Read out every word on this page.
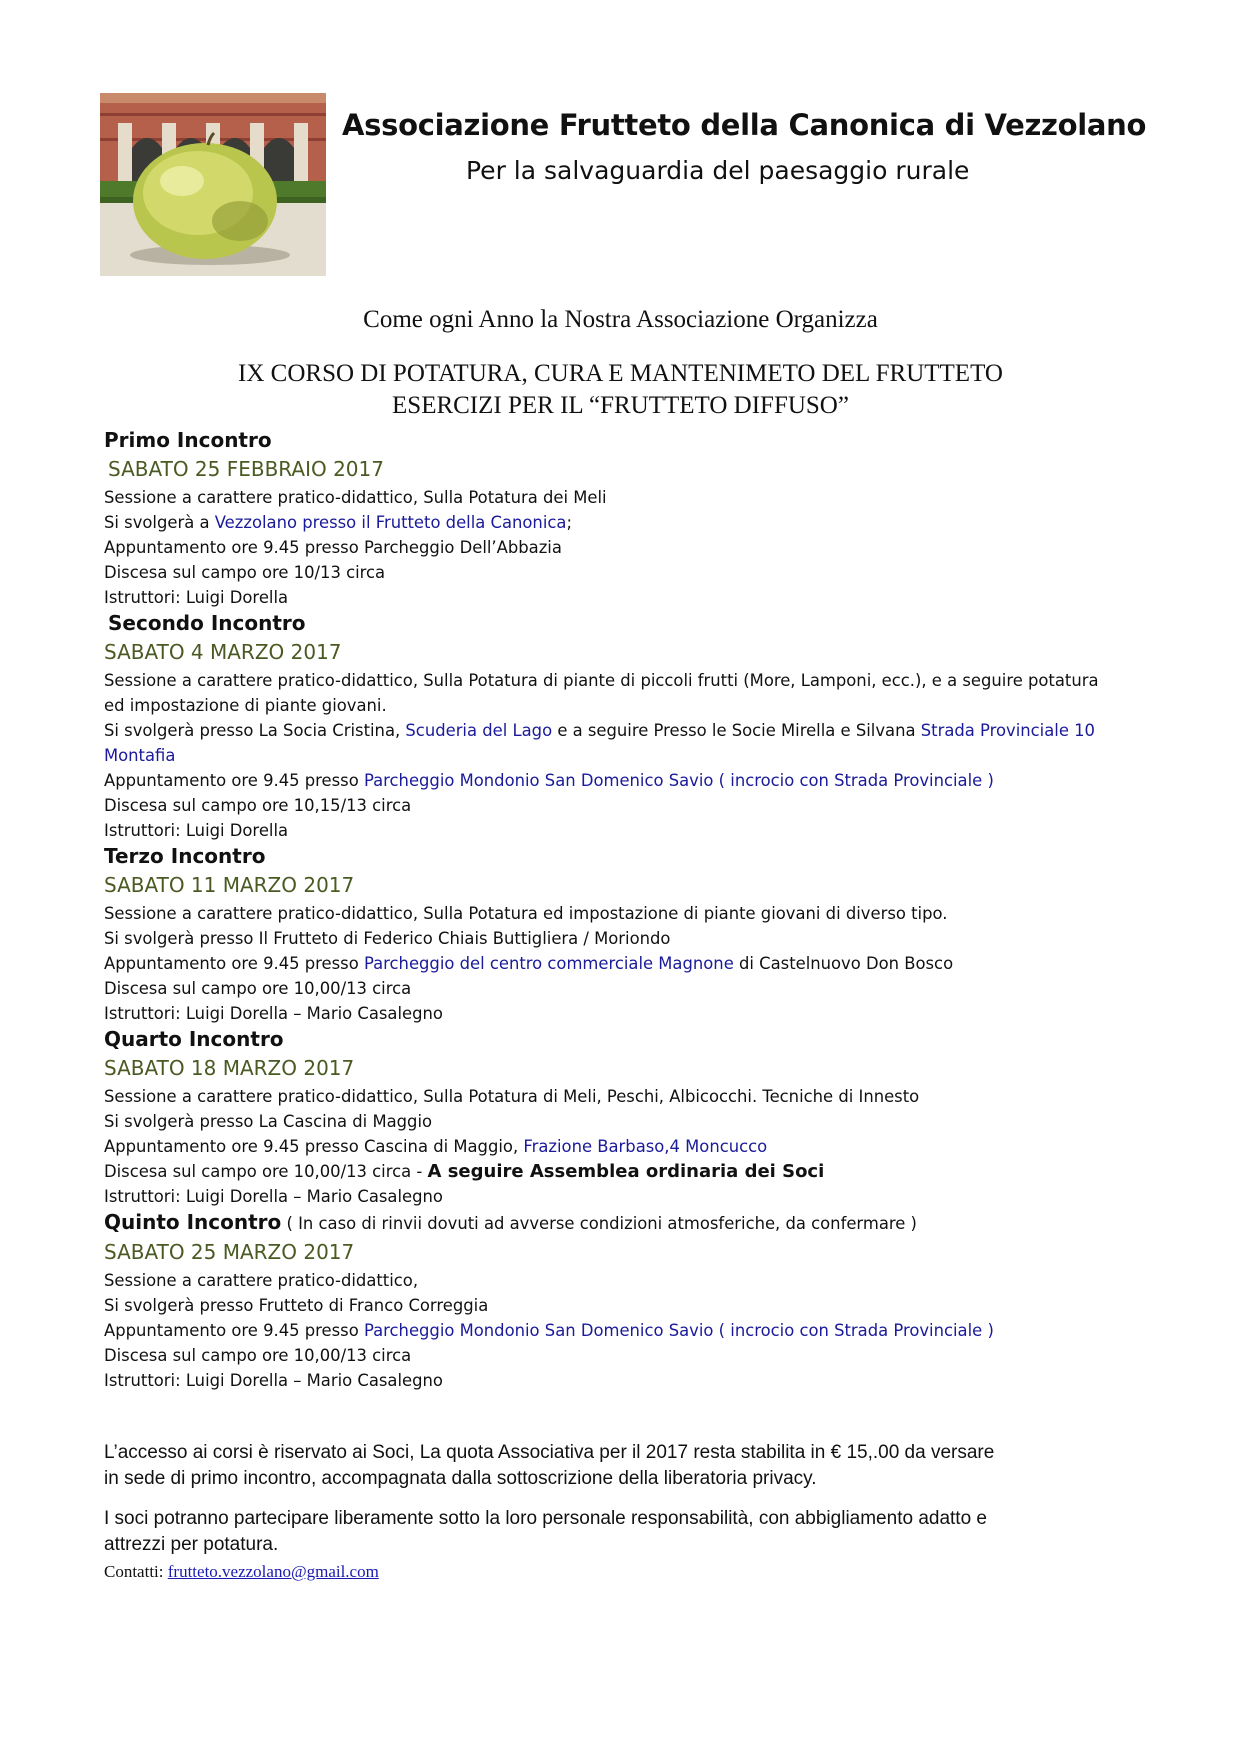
Associazione Frutteto della Canonica di Vezzolano
Per la salvaguardia del paesaggio rurale
Come ogni Anno la Nostra Associazione Organizza
IX CORSO DI POTATURA, CURA E MANTENIMETO DEL FRUTTETO
ESERCIZI PER IL “FRUTTETO DIFFUSO”
Primo Incontro
SABATO 25 FEBBRAIO 2017
Sessione a carattere pratico-didattico, Sulla Potatura dei Meli
Si svolgerà a Vezzolano presso il Frutteto della Canonica;
Appuntamento ore 9.45 presso Parcheggio Dell’Abbazia
Discesa sul campo ore 10/13 circa
Istruttori: Luigi Dorella
Secondo Incontro
SABATO 4 MARZO 2017
Sessione a carattere pratico-didattico, Sulla Potatura di piante di piccoli frutti (More, Lamponi, ecc.), e a seguire potatura
ed impostazione di piante giovani.
Si svolgerà presso La Socia Cristina, Scuderia del Lago e a seguire Presso le Socie Mirella e Silvana Strada Provinciale 10
Montafia
Appuntamento ore 9.45 presso Parcheggio Mondonio San Domenico Savio ( incrocio con Strada Provinciale )
Discesa sul campo ore 10,15/13 circa
Istruttori: Luigi Dorella
Terzo Incontro
SABATO 11 MARZO 2017
Sessione a carattere pratico-didattico, Sulla Potatura ed impostazione di piante giovani di diverso tipo.
Si svolgerà presso Il Frutteto di Federico Chiais Buttigliera / Moriondo
Appuntamento ore 9.45 presso Parcheggio del centro commerciale Magnone di Castelnuovo Don Bosco
Discesa sul campo ore 10,00/13 circa
Istruttori: Luigi Dorella – Mario Casalegno
Quarto Incontro
SABATO 18 MARZO 2017
Sessione a carattere pratico-didattico, Sulla Potatura di Meli, Peschi, Albicocchi. Tecniche di Innesto
Si svolgerà presso La Cascina di Maggio
Appuntamento ore 9.45 presso Cascina di Maggio, Frazione Barbaso,4 Moncucco
Discesa sul campo ore 10,00/13 circa - A seguire Assemblea ordinaria dei Soci
Istruttori: Luigi Dorella – Mario Casalegno
Quinto Incontro ( In caso di rinvii dovuti ad avverse condizioni atmosferiche, da confermare )
SABATO 25 MARZO 2017
Sessione a carattere pratico-didattico,
Si svolgerà presso Frutteto di Franco Correggia
Appuntamento ore 9.45 presso Parcheggio Mondonio San Domenico Savio ( incrocio con Strada Provinciale )
Discesa sul campo ore 10,00/13 circa
Istruttori: Luigi Dorella – Mario Casalegno

L’accesso ai corsi è riservato ai Soci, La quota Associativa per il 2017 resta stabilita in € 15,.00 da versare
in sede di primo incontro, accompagnata dalla sottoscrizione della liberatoria privacy.

I soci potranno partecipare liberamente sotto la loro personale responsabilità, con abbigliamento adatto e
attrezzi per potatura.

Contatti: frutteto.vezzolano@gmail.com
